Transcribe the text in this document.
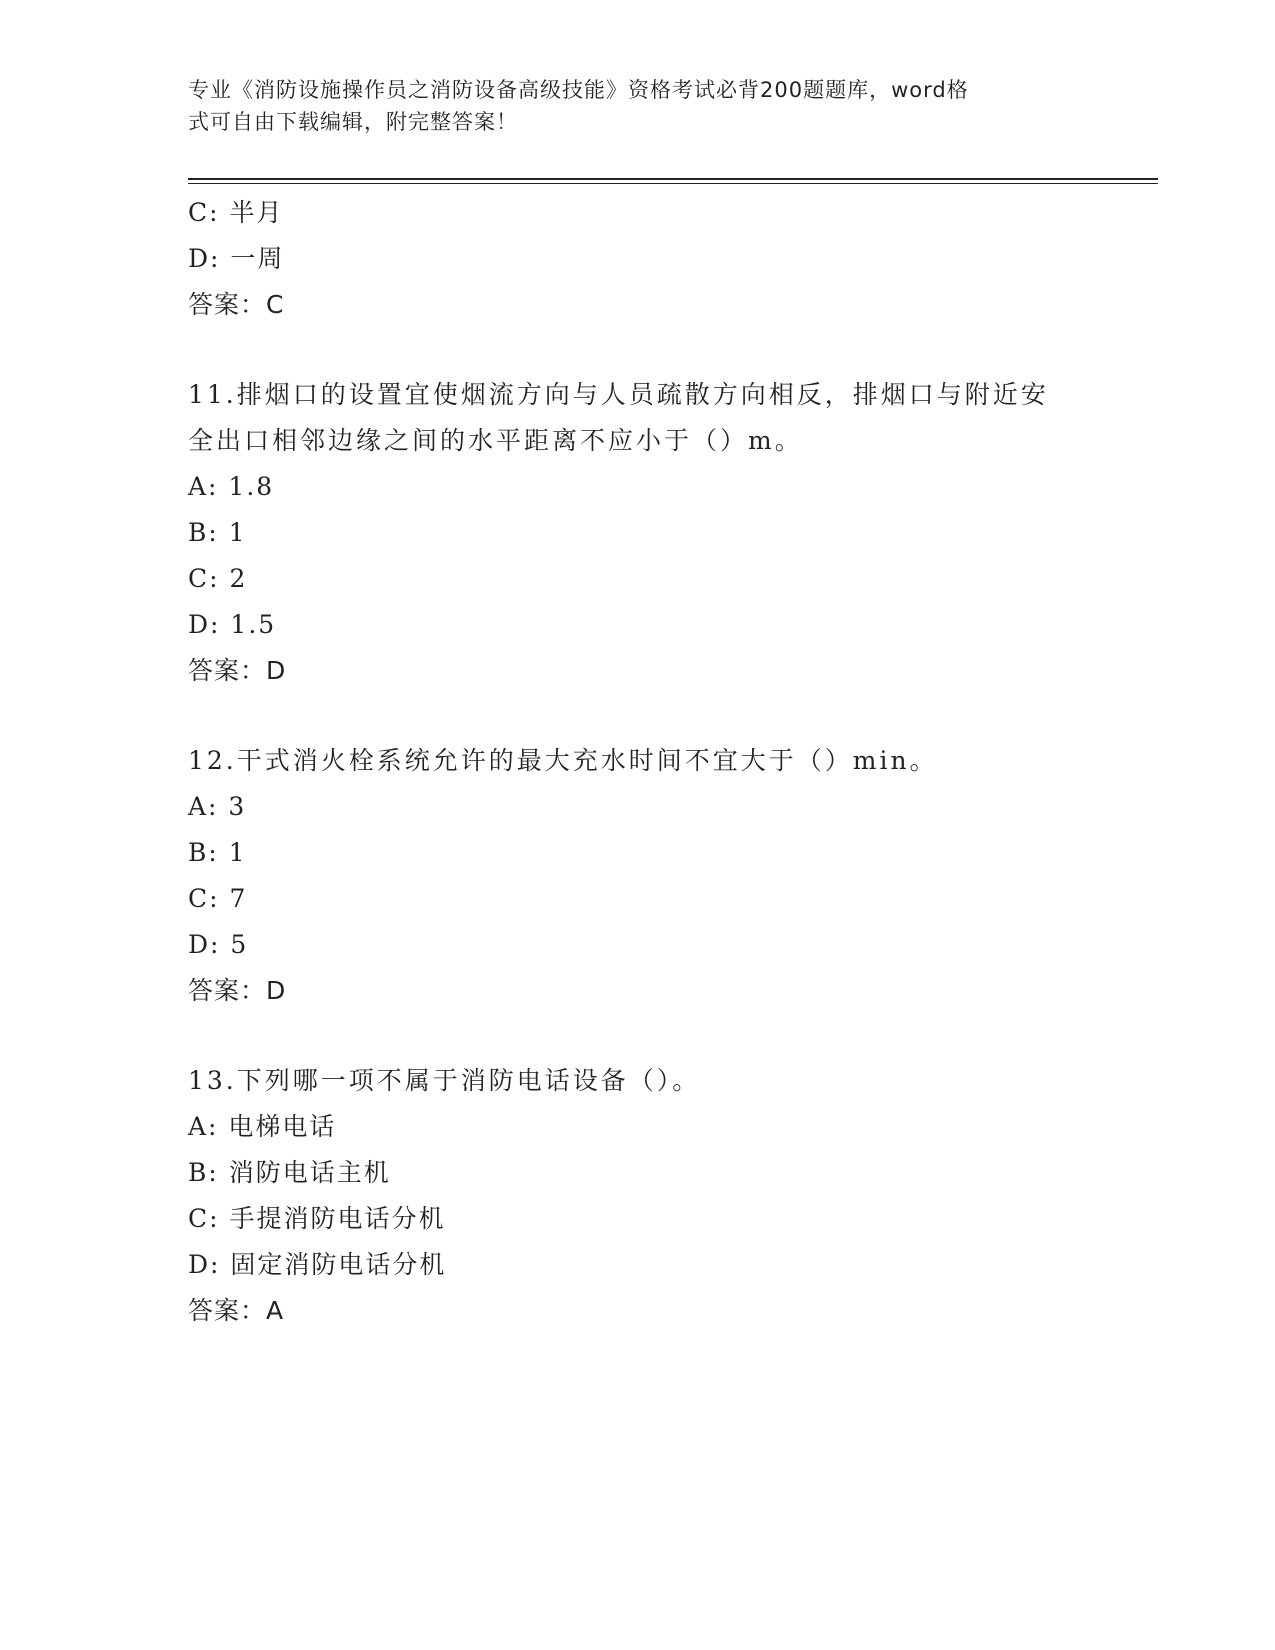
专业《消防设施操作员之消防设备高级技能》资格考试必背200题题库，word格
式可自由下载编辑，附完整答案！
C: 半月
D: 一周
答案：C
11.排烟口的设置宜使烟流方向与人员疏散方向相反，排烟口与附近安
全出口相邻边缘之间的水平距离不应小于（）m。
A: 1.8
B: 1
C: 2
D: 1.5
答案：D
12.干式消火栓系统允许的最大充水时间不宜大于（）min。
A: 3
B: 1
C: 7
D: 5
答案：D
13.下列哪一项不属于消防电话设备（）。
A: 电梯电话
B: 消防电话主机
C: 手提消防电话分机
D: 固定消防电话分机
答案：A
